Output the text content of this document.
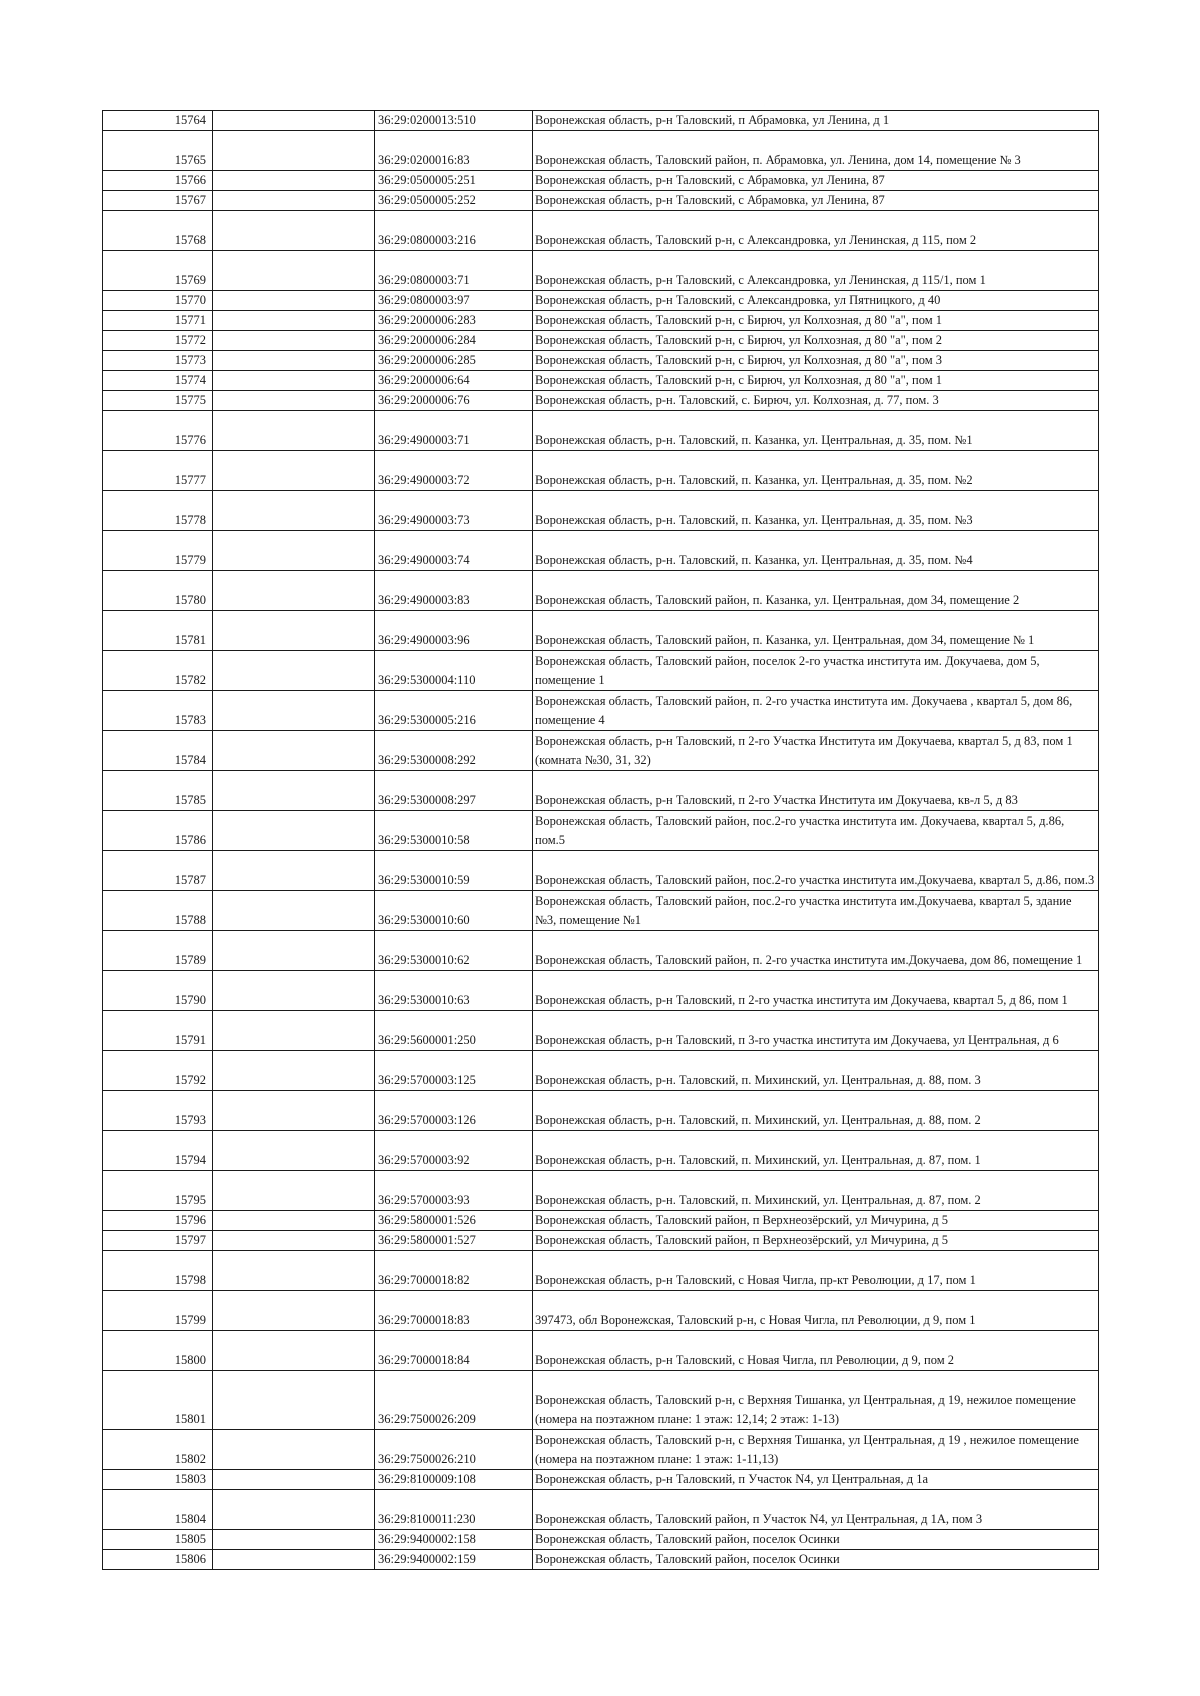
15764		36:29:0200013:510	Воронежская область, р-н Таловский, п Абрамовка, ул Ленина, д 1
15765		36:29:0200016:83	Воронежская область, Таловский район, п. Абрамовка, ул. Ленина, дом 14, помещение № 3
15766		36:29:0500005:251	Воронежская область, р-н Таловский, с Абрамовка, ул Ленина, 87
15767		36:29:0500005:252	Воронежская область, р-н Таловский, с Абрамовка, ул Ленина, 87
15768		36:29:0800003:216	Воронежская область, Таловский р-н, с Александровка, ул Ленинская, д 115, пом 2
15769		36:29:0800003:71	Воронежская область, р-н Таловский, с Александровка, ул Ленинская, д 115/1, пом 1
15770		36:29:0800003:97	Воронежская область, р-н Таловский, с Александровка, ул Пятницкого, д 40
15771		36:29:2000006:283	Воронежская область, Таловский р-н, с Бирюч, ул Колхозная, д 80 "а", пом 1
15772		36:29:2000006:284	Воронежская область, Таловский р-н, с Бирюч, ул Колхозная, д 80 "а", пом 2
15773		36:29:2000006:285	Воронежская область, Таловский р-н, с Бирюч, ул Колхозная, д 80 "а", пом 3
15774		36:29:2000006:64	Воронежская область, Таловский р-н, с Бирюч, ул Колхозная, д 80 "а", пом 1
15775		36:29:2000006:76	Воронежская область, р-н. Таловский, с. Бирюч, ул. Колхозная, д. 77, пом. 3
15776		36:29:4900003:71	Воронежская область, р-н. Таловский, п. Казанка, ул. Центральная, д. 35, пом. №1
15777		36:29:4900003:72	Воронежская область, р-н. Таловский, п. Казанка, ул. Центральная, д. 35, пом. №2
15778		36:29:4900003:73	Воронежская область, р-н. Таловский, п. Казанка, ул. Центральная, д. 35, пом. №3
15779		36:29:4900003:74	Воронежская область, р-н. Таловский, п. Казанка, ул. Центральная, д. 35, пом. №4
15780		36:29:4900003:83	Воронежская область, Таловский район, п. Казанка, ул. Центральная, дом 34, помещение 2
15781		36:29:4900003:96	Воронежская область, Таловский район, п. Казанка, ул. Центральная, дом 34, помещение № 1
15782		36:29:5300004:110	Воронежская область, Таловский район, поселок 2-го участка института им. Докучаева, дом 5, помещение 1
15783		36:29:5300005:216	Воронежская область, Таловский район, п. 2-го участка института им. Докучаева , квартал 5, дом 86, помещение 4
15784		36:29:5300008:292	Воронежская область, р-н Таловский, п 2-го Участка Института им Докучаева, квартал 5, д 83, пом 1 (комната №30, 31, 32)
15785		36:29:5300008:297	Воронежская область, р-н Таловский, п 2-го Участка Института им Докучаева, кв-л 5, д 83
15786		36:29:5300010:58	Воронежская область, Таловский район, пос.2-го участка института им. Докучаева, квартал 5, д.86, пом.5
15787		36:29:5300010:59	Воронежская область, Таловский район, пос.2-го участка института им.Докучаева, квартал 5, д.86, пом.3
15788		36:29:5300010:60	Воронежская область, Таловский район, пос.2-го участка института им.Докучаева, квартал 5, здание №3, помещение №1
15789		36:29:5300010:62	Воронежская область, Таловский район, п. 2-го участка института им.Докучаева, дом 86, помещение 1
15790		36:29:5300010:63	Воронежская область, р-н Таловский, п 2-го участка института им Докучаева, квартал 5, д 86, пом 1
15791		36:29:5600001:250	Воронежская область, р-н Таловский, п 3-го участка института им Докучаева, ул Центральная, д 6
15792		36:29:5700003:125	Воронежская область, р-н. Таловский, п. Михинский, ул. Центральная, д. 88, пом. 3
15793		36:29:5700003:126	Воронежская область, р-н. Таловский, п. Михинский, ул. Центральная, д. 88, пом. 2
15794		36:29:5700003:92	Воронежская область, р-н. Таловский, п. Михинский, ул. Центральная, д. 87, пом. 1
15795		36:29:5700003:93	Воронежская область, р-н. Таловский, п. Михинский, ул. Центральная, д. 87, пом. 2
15796		36:29:5800001:526	Воронежская область, Таловский район, п Верхнеозёрский, ул Мичурина, д 5
15797		36:29:5800001:527	Воронежская область, Таловский район, п Верхнеозёрский, ул Мичурина, д 5
15798		36:29:7000018:82	Воронежская область, р-н Таловский, с Новая Чигла, пр-кт Революции, д 17, пом 1
15799		36:29:7000018:83	397473, обл Воронежская, Таловский р-н, с Новая Чигла, пл Революции, д 9, пом 1
15800		36:29:7000018:84	Воронежская область, р-н Таловский, с Новая Чигла, пл Революции, д 9, пом 2
15801		36:29:7500026:209	Воронежская область, Таловский р-н, с Верхняя Тишанка, ул Центральная, д 19, нежилое помещение (номера на поэтажном плане: 1 этаж: 12,14; 2 этаж: 1-13)
15802		36:29:7500026:210	Воронежская область, Таловский р-н, с Верхняя Тишанка, ул Центральная, д 19 , нежилое помещение (номера на поэтажном плане: 1 этаж: 1-11,13)
15803		36:29:8100009:108	Воронежская область, р-н Таловский, п Участок N4, ул Центральная, д 1а
15804		36:29:8100011:230	Воронежская область, Таловский район, п Участок N4, ул Центральная, д 1А, пом 3
15805		36:29:9400002:158	Воронежская область, Таловский район, поселок Осинки
15806		36:29:9400002:159	Воронежская область, Таловский район, поселок Осинки
